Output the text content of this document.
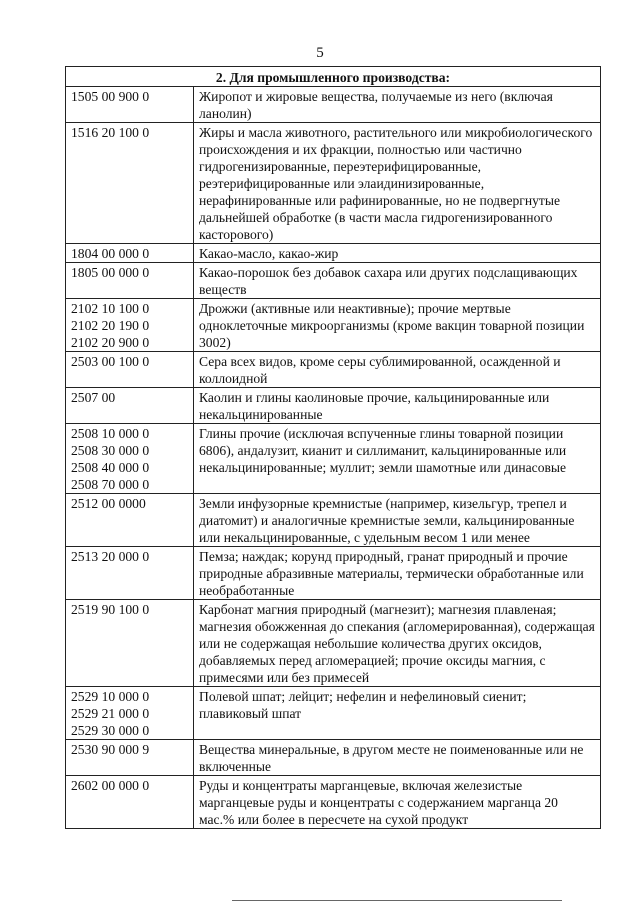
5
2. Для промышленного производства:	

1505 00 900 0	Жиропот и жировые вещества, получаемые из него (включая ланолин)

1516 20 100 0	Жиры и масла животного, растительного или микробиологического происхождения и их фракции, полностью или частично гидрогенизированные, переэтерифицированные, реэтерифицированные или элаидинизированные, нерафинированные или рафинированные, но не подвергнутые дальнейшей обработке (в части масла гидрогенизированного касторового)

1804 00 000 0	Какао-масло, какао-жир

1805 00 000 0	Какао-порошок без добавок сахара или других подслащивающих веществ

2102 10 100 0
2102 20 190 0
2102 20 900 0	Дрожжи (активные или неактивные); прочие мертвые одноклеточные микроорганизмы (кроме вакцин товарной позиции 3002)

2503 00 100 0	Сера всех видов, кроме серы сублимированной, осажденной и коллоидной

2507 00	Каолин и глины каолиновые прочие, кальцинированные или некальцинированные

2508 10 000 0
2508 30 000 0
2508 40 000 0
2508 70 000 0	Глины прочие (исключая вспученные глины товарной позиции 6806), андалузит, кианит и силлиманит, кальцинированные или некальцинированные; муллит; земли шамотные или динасовые

2512 00 0000	Земли инфузорные кремнистые (например, кизельгур, трепел и диатомит) и аналогичные кремнистые земли, кальцинированные или некальцинированные, с удельным весом 1 или менее

2513 20 000 0	Пемза; наждак; корунд природный, гранат природный и прочие природные абразивные материалы, термически обработанные или необработанные

2519 90 100 0	Карбонат магния природный (магнезит); магнезия плавленая; магнезия обожженная до спекания (агломерированная), содержащая или не содержащая небольшие количества других оксидов, добавляемых перед агломерацией; прочие оксиды магния, с примесями или без примесей

2529 10 000 0
2529 21 000 0
2529 30 000 0	Полевой шпат; лейцит; нефелин и нефелиновый сиенит; плавиковый шпат

2530 90 000 9	Вещества минеральные, в другом месте не поименованные или не включенные

2602 00 000 0	Руды и концентраты марганцевые, включая железистые марганцевые руды и концентраты с содержанием марганца 20 мас.% или более в пересчете на сухой продукт
